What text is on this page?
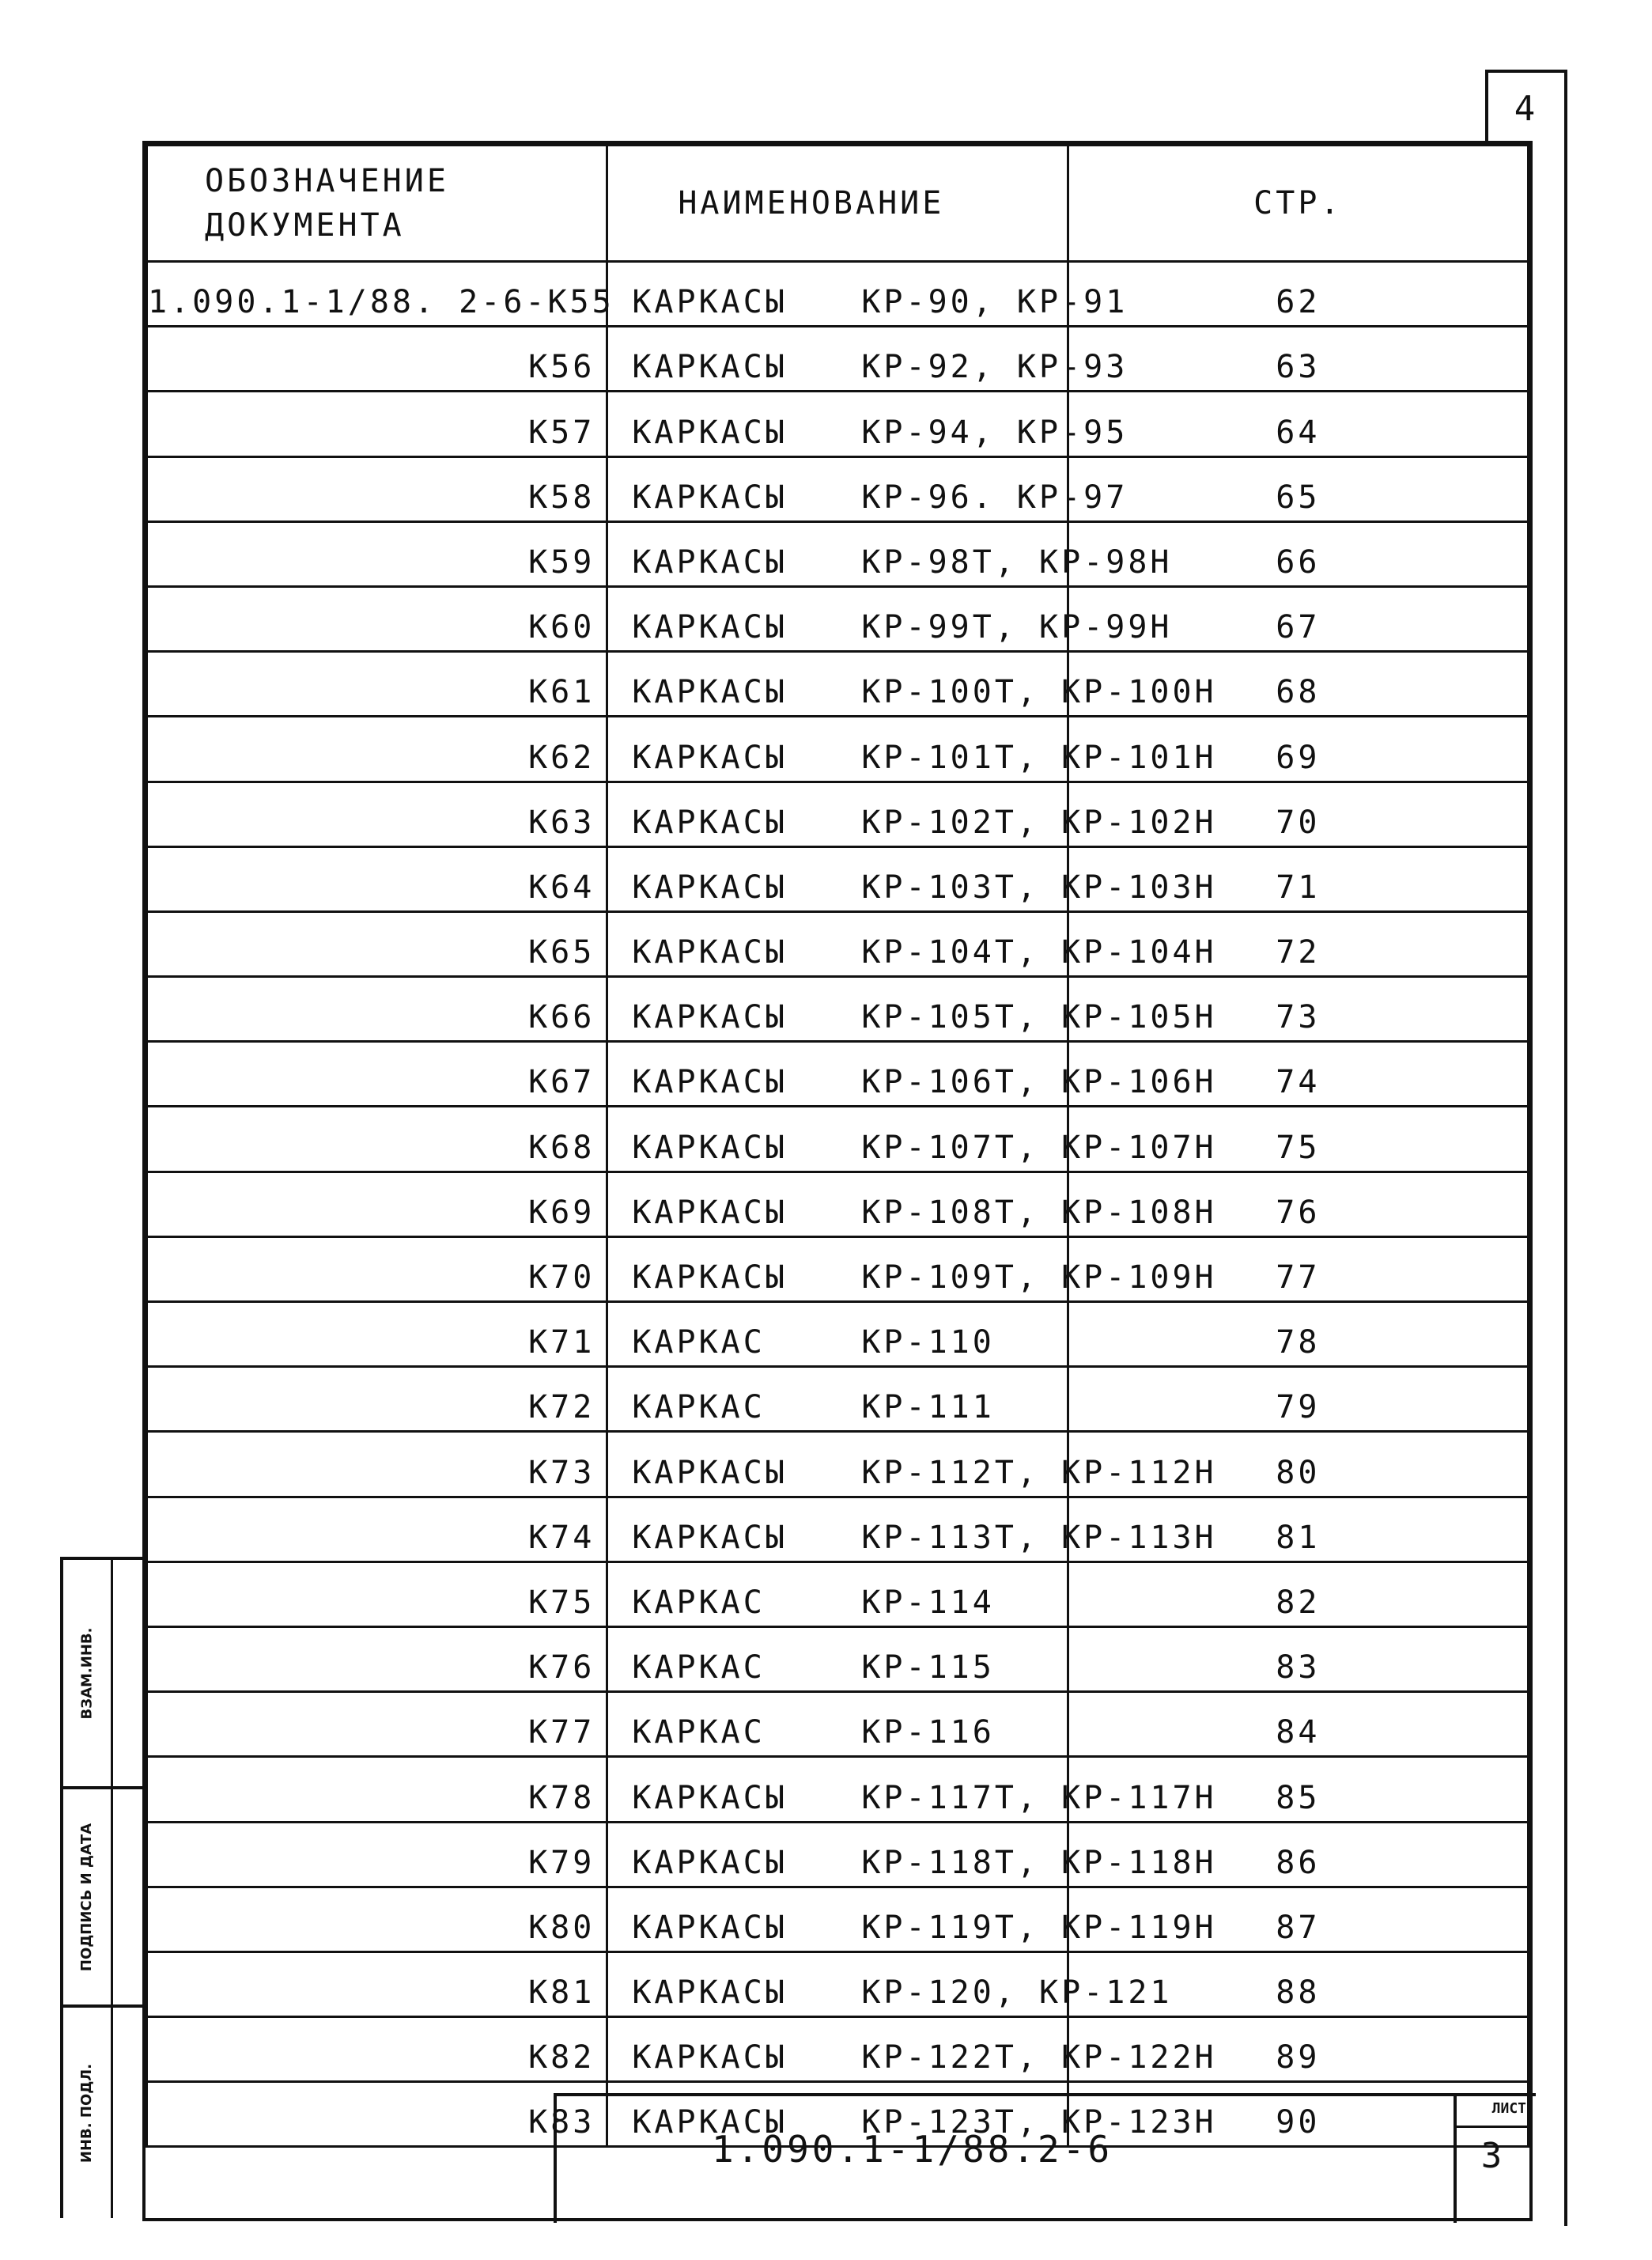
4
ОБОЗНАЧЕНИЕ
ДОКУМЕНТА	НАИМЕНОВАНИЕ	СТР.
1.090.1-1/88. 2-6-К55	КАРКАСЫ КР-90, КР-91	62
К56	КАРКАСЫ КР-92, КР-93	63
К57	КАРКАСЫ КР-94, КР-95	64
К58	КАРКАСЫ КР-96. КР-97	65
К59	КАРКАСЫ КР-98Т, КР-98Н	66
К60	КАРКАСЫ КР-99Т, КР-99Н	67
К61	КАРКАСЫ КР-100Т, КР-100Н	68
К62	КАРКАСЫ КР-101Т, КР-101Н	69
К63	КАРКАСЫ КР-102Т, КР-102Н	70
К64	КАРКАСЫ КР-103Т, КР-103Н	71
К65	КАРКАСЫ КР-104Т, КР-104Н	72
К66	КАРКАСЫ КР-105Т, КР-105Н	73
К67	КАРКАСЫ КР-106Т, КР-106Н	74
К68	КАРКАСЫ КР-107Т, КР-107Н	75
К69	КАРКАСЫ КР-108Т, КР-108Н	76
К70	КАРКАСЫ КР-109Т, КР-109Н	77
К71	КАРКАС КР-110	78
К72	КАРКАС КР-111	79
К73	КАРКАСЫ КР-112Т, КР-112Н	80
К74	КАРКАСЫ КР-113Т, КР-113Н	81
К75	КАРКАС КР-114	82
К76	КАРКАС КР-115	83
К77	КАРКАС КР-116	84
К78	КАРКАСЫ КР-117Т, КР-117Н	85
К79	КАРКАСЫ КР-118Т, КР-118Н	86
К80	КАРКАСЫ КР-119Т, КР-119Н	87
К81	КАРКАСЫ КР-120, КР-121	88
К82	КАРКАСЫ КР-122Т, КР-122Н	89
К83	КАРКАСЫ КР-123Т, КР-123Н	90

1.090.1-1/88.2-6
ЛИСТ
3
ВЗАМ.ИНВ.
ПОДПИСЬ И ДАТА
ИНВ. ПОДЛ.
